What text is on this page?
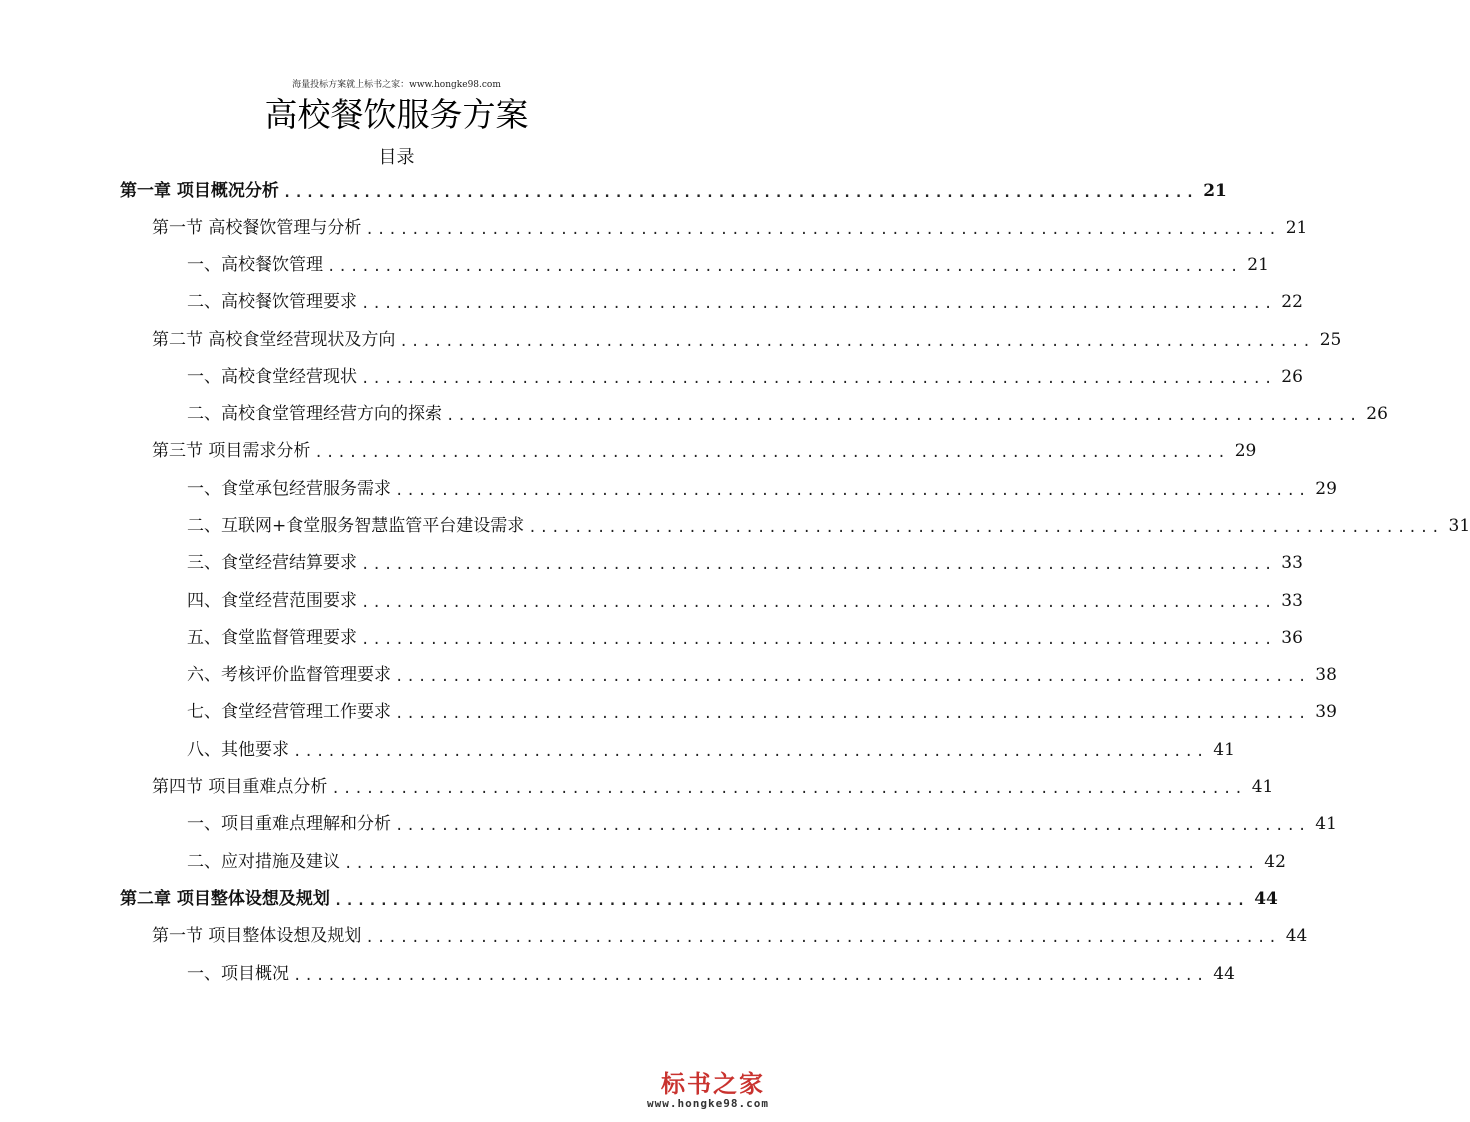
海量投标方案就上标书之家：www.hongke98.com
高校餐饮服务方案
目录
第一章 项目概况分析 ................................................................................ 21
第一节 高校餐饮管理与分析 ................................................................................ 21
一、高校餐饮管理 ................................................................................ 21
二、高校餐饮管理要求 ................................................................................ 22
第二节 高校食堂经营现状及方向 ................................................................................ 25
一、高校食堂经营现状 ................................................................................ 26
二、高校食堂管理经营方向的探索 ................................................................................ 26
第三节 项目需求分析 ................................................................................ 29
一、食堂承包经营服务需求 ................................................................................ 29
二、互联网+食堂服务智慧监管平台建设需求 ................................................................................ 31
三、食堂经营结算要求 ................................................................................ 33
四、食堂经营范围要求 ................................................................................ 33
五、食堂监督管理要求 ................................................................................ 36
六、考核评价监督管理要求 ................................................................................ 38
七、食堂经营管理工作要求 ................................................................................ 39
八、其他要求 ................................................................................ 41
第四节 项目重难点分析 ................................................................................ 41
一、项目重难点理解和分析 ................................................................................ 41
二、应对措施及建议 ................................................................................ 42
第二章 项目整体设想及规划 ................................................................................ 44
第一节 项目整体设想及规划 ................................................................................ 44
一、项目概况 ................................................................................ 44
标书之家
www.hongke98.com
